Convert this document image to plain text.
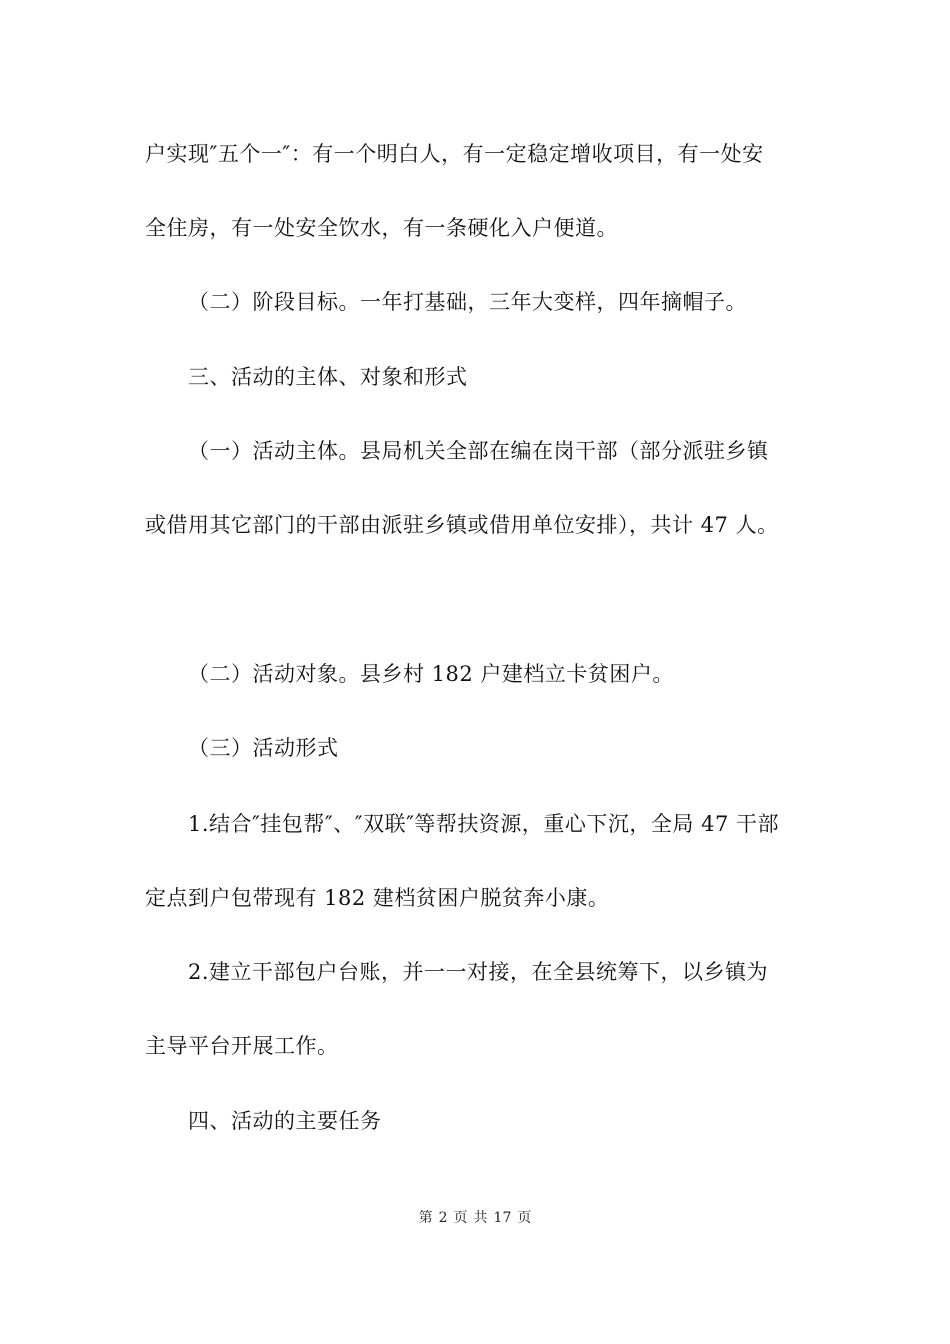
户实现″五个一″：有一个明白人，有一定稳定增收项目，有一处安
全住房，有一处安全饮水，有一条硬化入户便道。
（二）阶段目标。一年打基础，三年大变样，四年摘帽子。
三、活动的主体、对象和形式
（一）活动主体。县局机关全部在编在岗干部（部分派驻乡镇
或借用其它部门的干部由派驻乡镇或借用单位安排），共计 47 人。
（二）活动对象。县乡村 182 户建档立卡贫困户。
（三）活动形式
1.结合″挂包帮″、″双联″等帮扶资源，重心下沉，全局 47 干部
定点到户包带现有 182 建档贫困户脱贫奔小康。
2.建立干部包户台账，并一一对接，在全县统筹下，以乡镇为
主导平台开展工作。
四、活动的主要任务
第 2 页 共 17 页
